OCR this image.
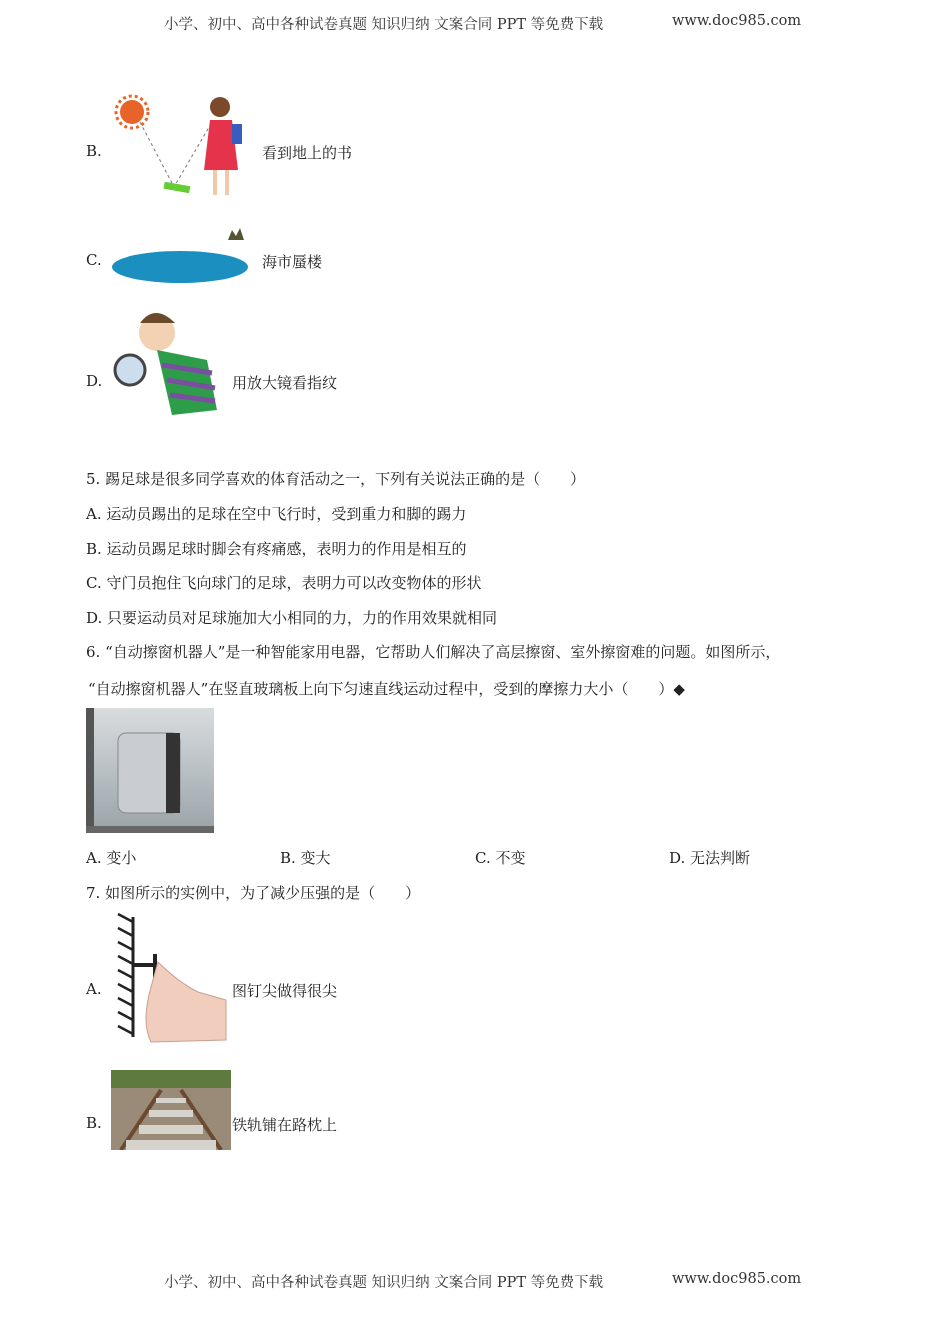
小学、初中、高中各种试卷真题 知识归纳 文案合同 PPT 等免费下载	www.doc985.com
B.	看到地上的书
C.	海市蜃楼
D.	用放大镜看指纹
5. 踢足球是很多同学喜欢的体育活动之一，下列有关说法正确的是（　　）
A. 运动员踢出的足球在空中飞行时，受到重力和脚的踢力
B. 运动员踢足球时脚会有疼痛感，表明力的作用是相互的
C. 守门员抱住飞向球门的足球，表明力可以改变物体的形状
D. 只要运动员对足球施加大小相同的力，力的作用效果就相同
6. “自动擦窗机器人”是一种智能家用电器，它帮助人们解决了高层擦窗、室外擦窗难的问题。如图所示，
“自动擦窗机器人”在竖直玻璃板上向下匀速直线运动过程中，受到的摩擦力大小（　　）◆
A. 变小	B. 变大	C. 不变	D. 无法判断
7. 如图所示的实例中，为了减少压强的是（　　）
A.	图钉尖做得很尖
B.	铁轨铺在路枕上
小学、初中、高中各种试卷真题 知识归纳 文案合同 PPT 等免费下载	www.doc985.com
